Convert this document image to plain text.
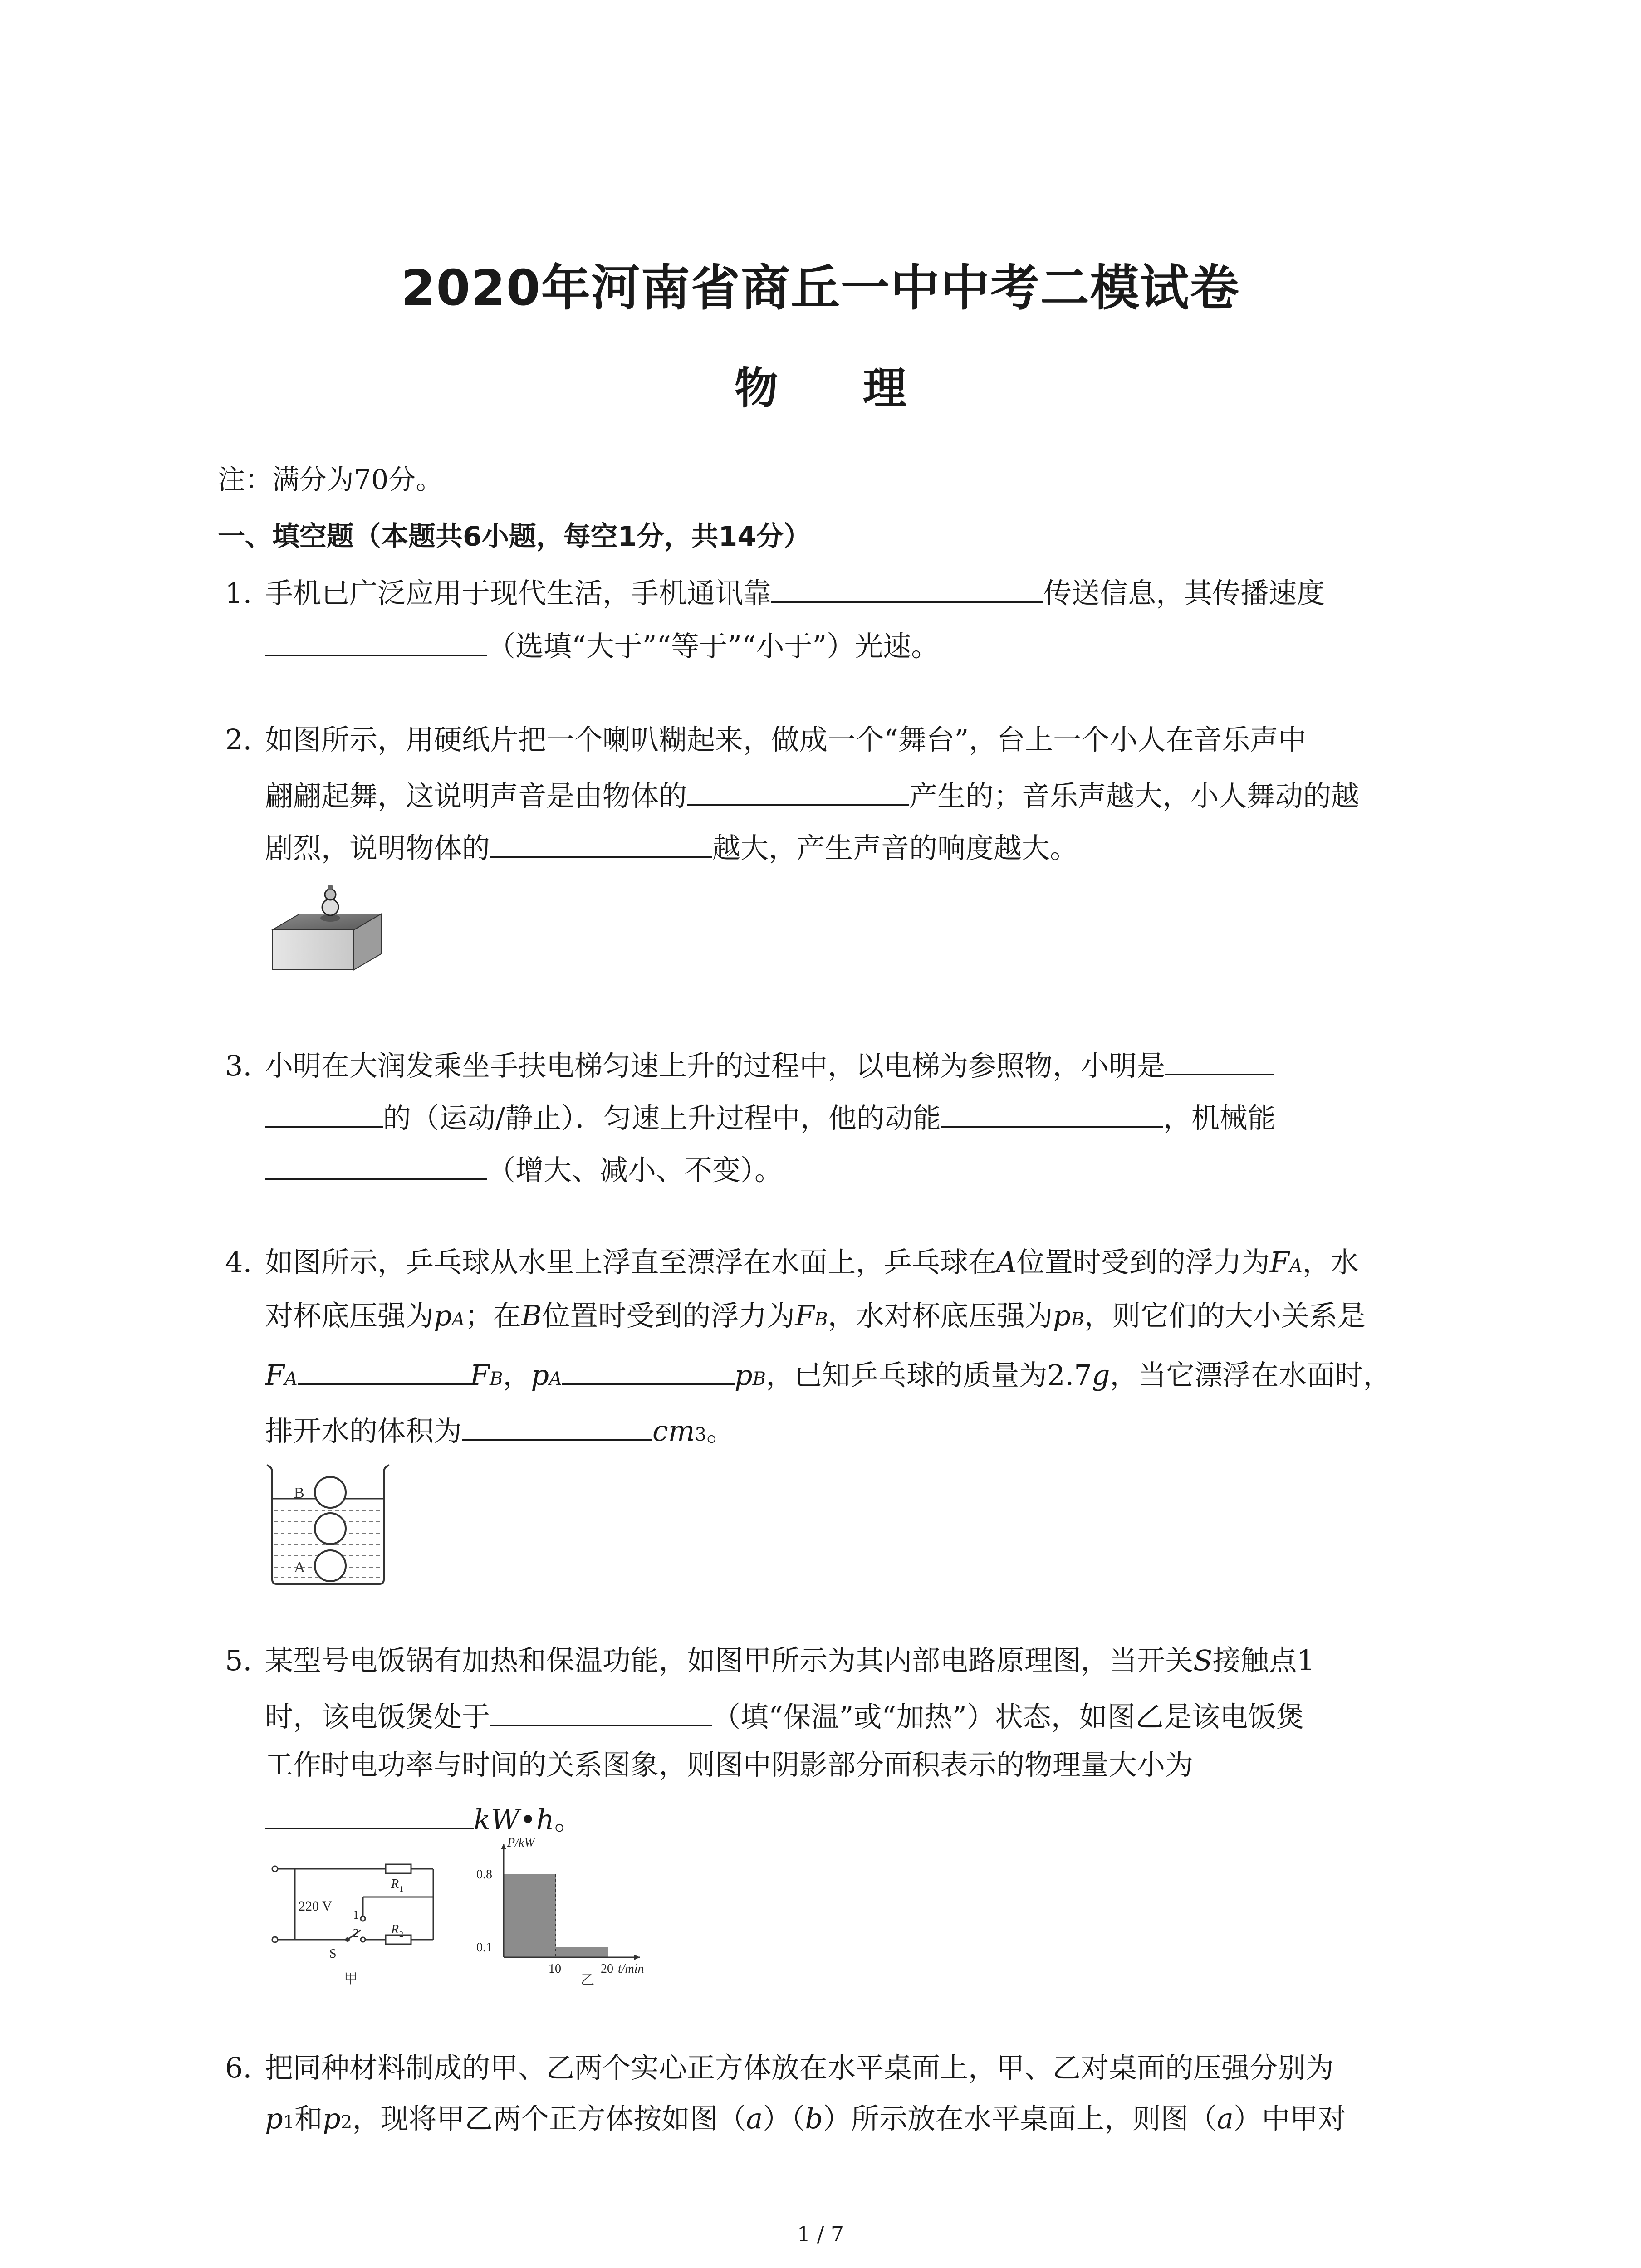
2020年河南省商丘一中中考二模试卷
物  理
注：满分为70分。
一、填空题（本题共6小题，每空1分，共14分）
1. 手机已广泛应用于现代生活，手机通讯靠	传送信息，其传播速度
（选填“大于”“等于”“小于”）光速。
2. 如图所示，用硬纸片把一个喇叭糊起来，做成一个“舞台”，台上一个小人在音乐声中
翩翩起舞，这说明声音是由物体的	产生的；音乐声越大，小人舞动的越
剧烈，说明物体的	越大，产生声音的响度越大。
3. 小明在大润发乘坐手扶电梯匀速上升的过程中，以电梯为参照物，小明是
的（运动/静止）．匀速上升过程中，他的动能	，机械能
（增大、减小、不变）。
4. 如图所示，乒乓球从水里上浮直至漂浮在水面上，乒乓球在 A 位置时受到的浮力为 F A ，水
对杯底压强为 p A ；在 B 位置时受到的浮力为 F B ，水对杯底压强为 p B ，则它们的大小关系是
F A	F B ， p A	p B ，已知乒乓球的质量为 2.7 g ，当它漂浮在水面时，
排开水的体积为	cm 3 。
B
A
5. 某型号电饭锅有加热和保温功能，如图甲所示为其内部电路原理图，当开关 S 接触点1
时，该电饭煲处于	（填“保温”或“加热”）状态，如图乙是该电饭煲
工作时电功率与时间的关系图象，则图中阴影部分面积表示的物理量大小为
kW•h 。
220 V
R 1
R 2
S
1
2
甲
0.8
0.1
10	20
P/kW
t/min
乙
6. 把同种材料制成的甲、乙两个实心正方体放在水平桌面上，甲、乙对桌面的压强分别为
p 1 和 p 2 ，现将甲乙两个正方体按如图（ a ）（ b ）所示放在水平桌面上，则图（ a ）中甲对
1 / 7
